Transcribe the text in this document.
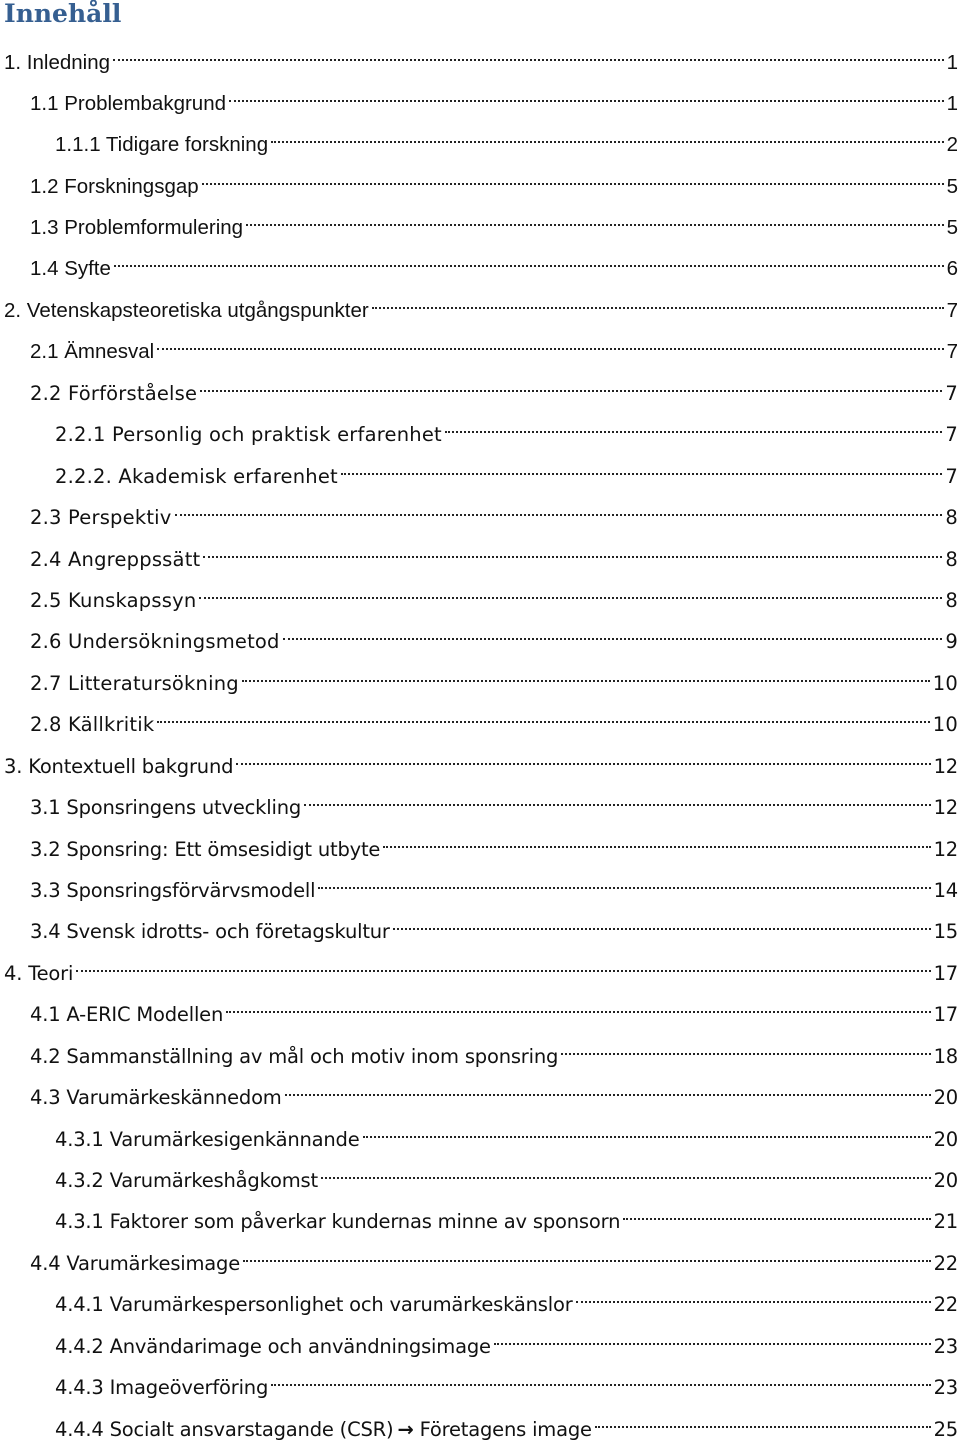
Innehåll
1. Inledning	1
1.1 Problembakgrund	1
1.1.1 Tidigare forskning	2
1.2 Forskningsgap	5
1.3 Problemformulering	5
1.4 Syfte	6
2. Vetenskapsteoretiska utgångspunkter	7
2.1 Ämnesval	7
2.2 Förförståelse	7
2.2.1 Personlig och praktisk erfarenhet	7
2.2.2. Akademisk erfarenhet	7
2.3 Perspektiv	8
2.4 Angreppssätt	8
2.5 Kunskapssyn	8
2.6 Undersökningsmetod	9
2.7 Litteratursökning	10
2.8 Källkritik	10
3. Kontextuell bakgrund	12
3.1 Sponsringens utveckling	12
3.2 Sponsring: Ett ömsesidigt utbyte	12
3.3 Sponsringsförvärvsmodell	14
3.4 Svensk idrotts- och företagskultur	15
4. Teori	17
4.1 A-ERIC Modellen	17
4.2 Sammanställning av mål och motiv inom sponsring	18
4.3 Varumärkeskännedom	20
4.3.1 Varumärkesigenkännande	20
4.3.2 Varumärkeshågkomst	20
4.3.1 Faktorer som påverkar kundernas minne av sponsorn	21
4.4 Varumärkesimage	22
4.4.1 Varumärkespersonlighet och varumärkeskänslor	22
4.4.2 Användarimage och användningsimage	23
4.4.3 Imageöverföring	23
4.4.4 Socialt ansvarstagande (CSR) → Företagens image	25
